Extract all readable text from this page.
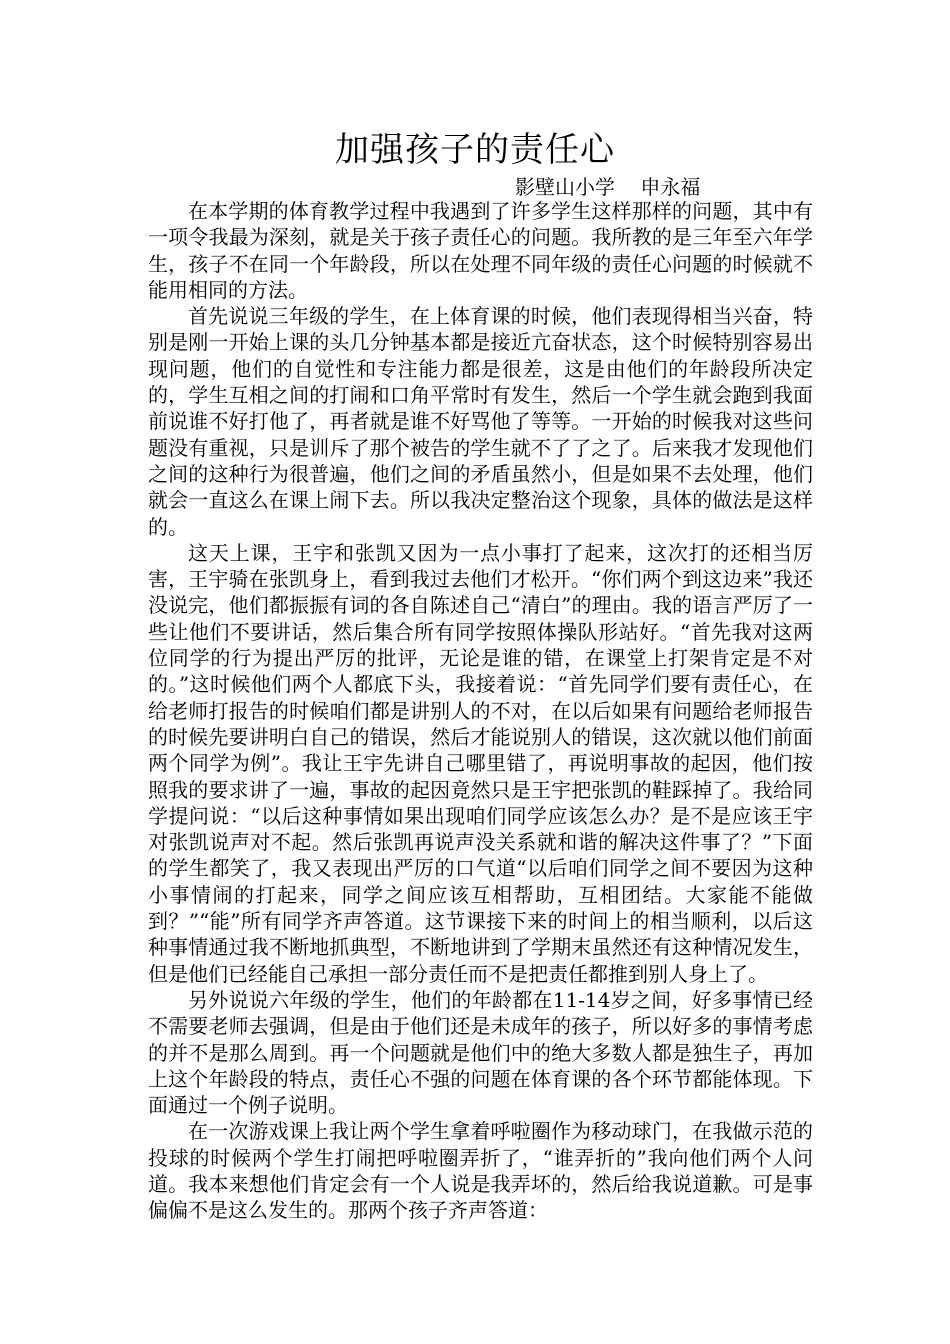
加强孩子的责任心
影壁山小学    申永福

在本学期的体育教学过程中我遇到了许多学生这样那样的问题，其中有一项令我最为深刻，就是关于孩子责任心的问题。我所教的是三年至六年学生，孩子不在同一个年龄段，所以在处理不同年级的责任心问题的时候就不能用相同的方法。

首先说说三年级的学生，在上体育课的时候，他们表现得相当兴奋，特别是刚一开始上课的头几分钟基本都是接近亢奋状态，这个时候特别容易出现问题，他们的自觉性和专注能力都是很差，这是由他们的年龄段所决定的，学生互相之间的打闹和口角平常时有发生，然后一个学生就会跑到我面前说谁不好打他了，再者就是谁不好骂他了等等。一开始的时候我对这些问题没有重视，只是训斥了那个被告的学生就不了了之了。后来我才发现他们之间的这种行为很普遍，他们之间的矛盾虽然小，但是如果不去处理，他们就会一直这么在课上闹下去。所以我决定整治这个现象，具体的做法是这样的。

这天上课，王宇和张凯又因为一点小事打了起来，这次打的还相当厉害，王宇骑在张凯身上，看到我过去他们才松开。“你们两个到这边来”我还没说完，他们都振振有词的各自陈述自己“清白”的理由。我的语言严厉了一些让他们不要讲话，然后集合所有同学按照体操队形站好。“首先我对这两位同学的行为提出严厉的批评，无论是谁的错，在课堂上打架肯定是不对的。”这时候他们两个人都底下头，我接着说：“首先同学们要有责任心，在给老师打报告的时候咱们都是讲别人的不对，在以后如果有问题给老师报告的时候先要讲明白自己的错误，然后才能说别人的错误，这次就以他们前面两个同学为例”。我让王宇先讲自己哪里错了，再说明事故的起因，他们按照我的要求讲了一遍，事故的起因竟然只是王宇把张凯的鞋踩掉了。我给同学提问说：“以后这种事情如果出现咱们同学应该怎么办？是不是应该王宇对张凯说声对不起。然后张凯再说声没关系就和谐的解决这件事了？”下面的学生都笑了，我又表现出严厉的口气道“以后咱们同学之间不要因为这种小事情闹的打起来，同学之间应该互相帮助，互相团结。大家能不能做到？”“能”所有同学齐声答道。这节课接下来的时间上的相当顺利，以后这种事情通过我不断地抓典型，不断地讲到了学期末虽然还有这种情况发生，但是他们已经能自己承担一部分责任而不是把责任都推到别人身上了。

另外说说六年级的学生，他们的年龄都在11-14岁之间，好多事情已经不需要老师去强调，但是由于他们还是未成年的孩子，所以好多的事情考虑的并不是那么周到。再一个问题就是他们中的绝大多数人都是独生子，再加上这个年龄段的特点，责任心不强的问题在体育课的各个环节都能体现。下面通过一个例子说明。

在一次游戏课上我让两个学生拿着呼啦圈作为移动球门，在我做示范的投球的时候两个学生打闹把呼啦圈弄折了，“谁弄折的”我向他们两个人问道。我本来想他们肯定会有一个人说是我弄坏的，然后给我说道歉。可是事偏偏不是这么发生的。那两个孩子齐声答道：
